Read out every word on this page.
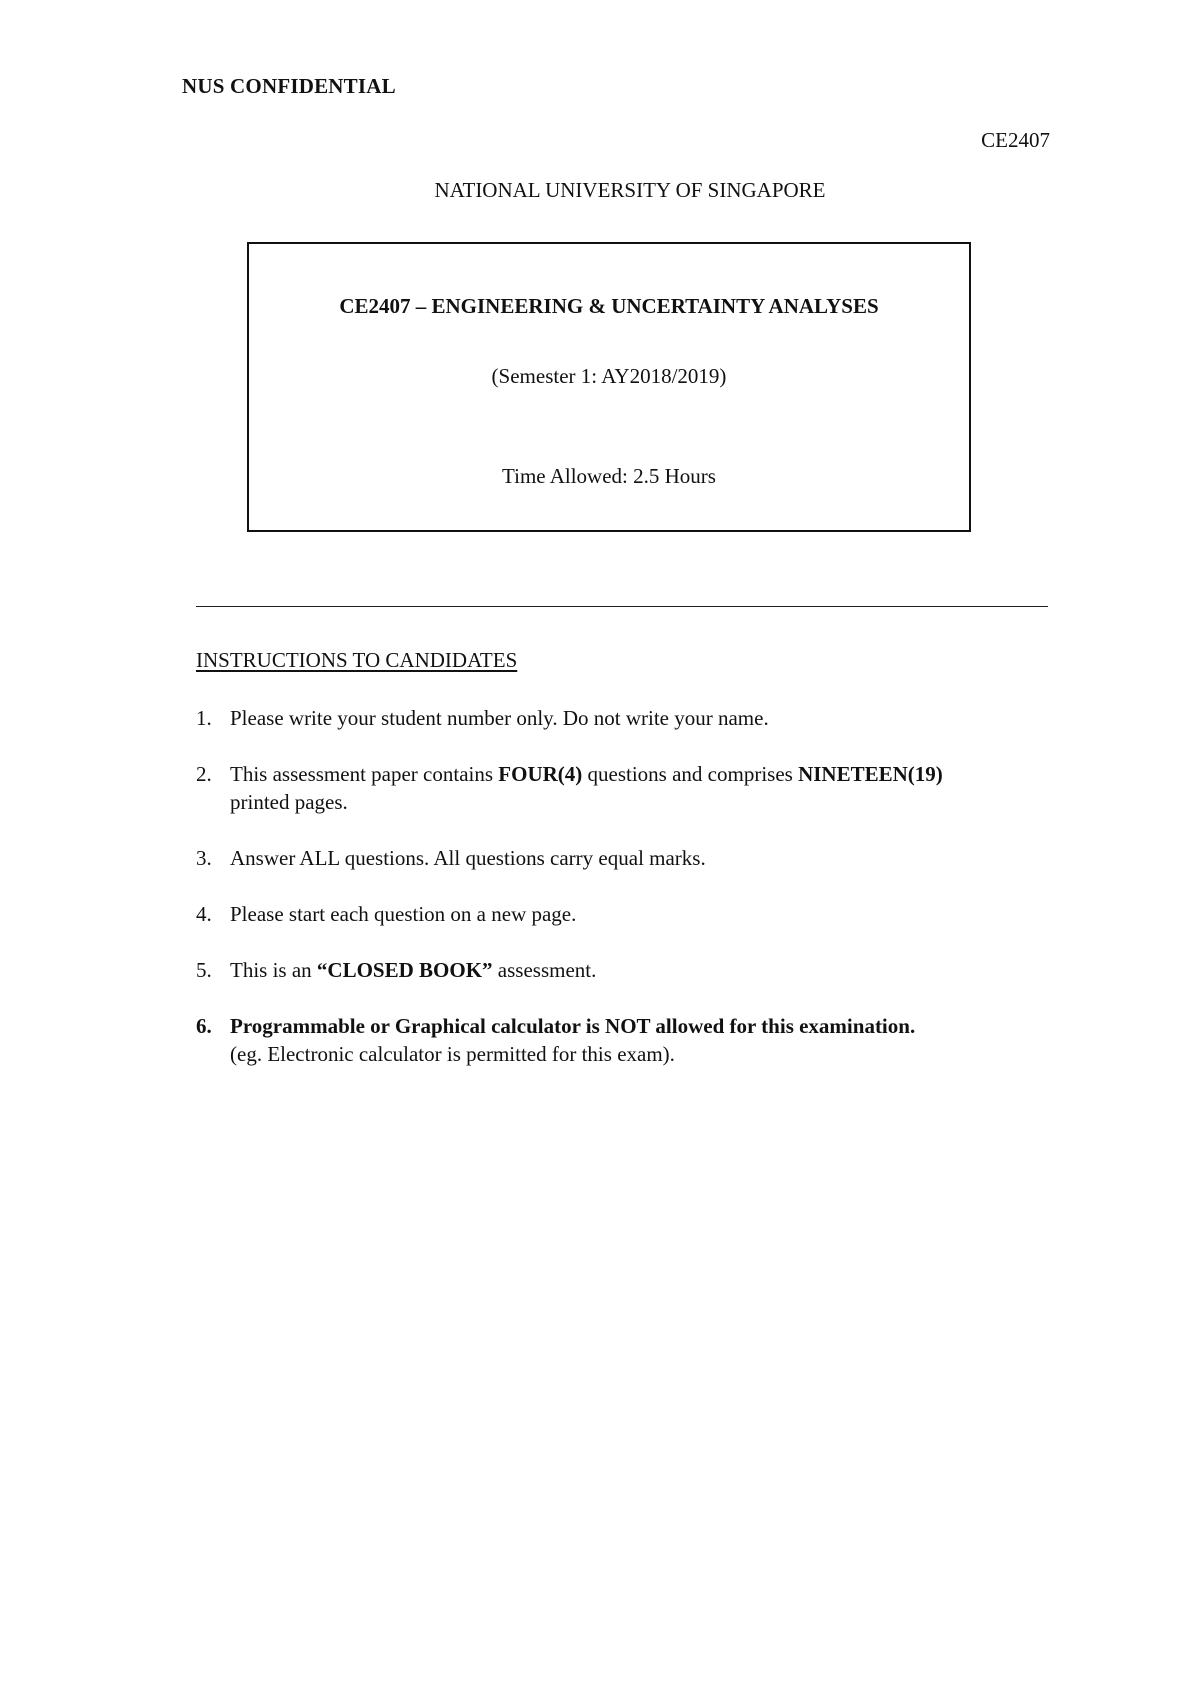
NUS CONFIDENTIAL
CE2407
NATIONAL UNIVERSITY OF SINGAPORE
CE2407 – ENGINEERING & UNCERTAINTY ANALYSES
(Semester 1: AY2018/2019)
Time Allowed: 2.5 Hours
INSTRUCTIONS TO CANDIDATES
1. Please write your student number only. Do not write your name.
2. This assessment paper contains FOUR(4) questions and comprises NINETEEN(19)
printed pages.
3. Answer ALL questions. All questions carry equal marks.
4. Please start each question on a new page.
5. This is an “CLOSED BOOK” assessment.
6. Programmable or Graphical calculator is NOT allowed for this examination.
(eg. Electronic calculator is permitted for this exam).
